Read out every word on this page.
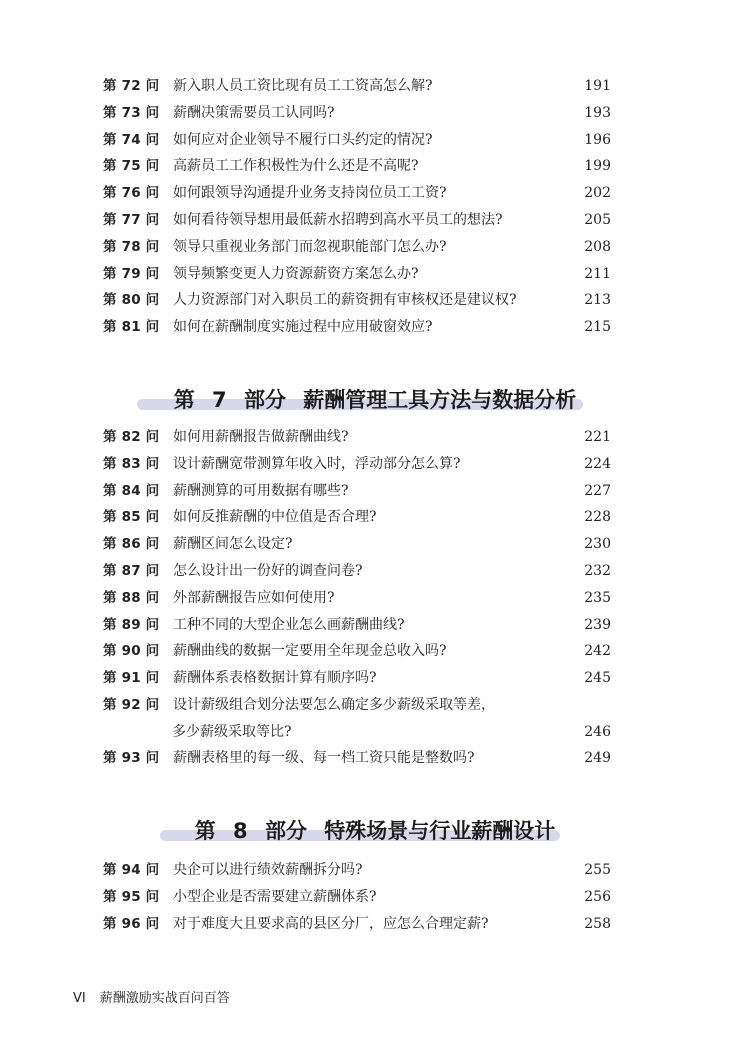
第 72 问 新入职人员工资比现有员工工资高怎么解?	191
第 73 问 薪酬决策需要员工认同吗?	193
第 74 问 如何应对企业领导不履行口头约定的情况?	196
第 75 问 高薪员工工作积极性为什么还是不高呢?	199
第 76 问 如何跟领导沟通提升业务支持岗位员工工资?	202
第 77 问 如何看待领导想用最低薪水招聘到高水平员工的想法?	205
第 78 问 领导只重视业务部门而忽视职能部门怎么办?	208
第 79 问 领导频繁变更人力资源薪资方案怎么办?	211
第 80 问 人力资源部门对入职员工的薪资拥有审核权还是建议权?	213
第 81 问 如何在薪酬制度实施过程中应用破窗效应?	215
第 7 部分 薪酬管理工具方法与数据分析
第 82 问 如何用薪酬报告做薪酬曲线?	221
第 83 问 设计薪酬宽带测算年收入时，浮动部分怎么算?	224
第 84 问 薪酬测算的可用数据有哪些?	227
第 85 问 如何反推薪酬的中位值是否合理?	228
第 86 问 薪酬区间怎么设定?	230
第 87 问 怎么设计出一份好的调查问卷?	232
第 88 问 外部薪酬报告应如何使用?	235
第 89 问 工种不同的大型企业怎么画薪酬曲线?	239
第 90 问 薪酬曲线的数据一定要用全年现金总收入吗?	242
第 91 问 薪酬体系表格数据计算有顺序吗?	245
第 92 问 设计薪级组合划分法要怎么确定多少薪级采取等差，
多少薪级采取等比?	246
第 93 问 薪酬表格里的每一级、每一档工资只能是整数吗?	249
第 8 部分 特殊场景与行业薪酬设计
第 94 问 央企可以进行绩效薪酬拆分吗?	255
第 95 问 小型企业是否需要建立薪酬体系?	256
第 96 问 对于难度大且要求高的县区分厂，应怎么合理定薪?	258
VI 薪酬激励实战百问百答
